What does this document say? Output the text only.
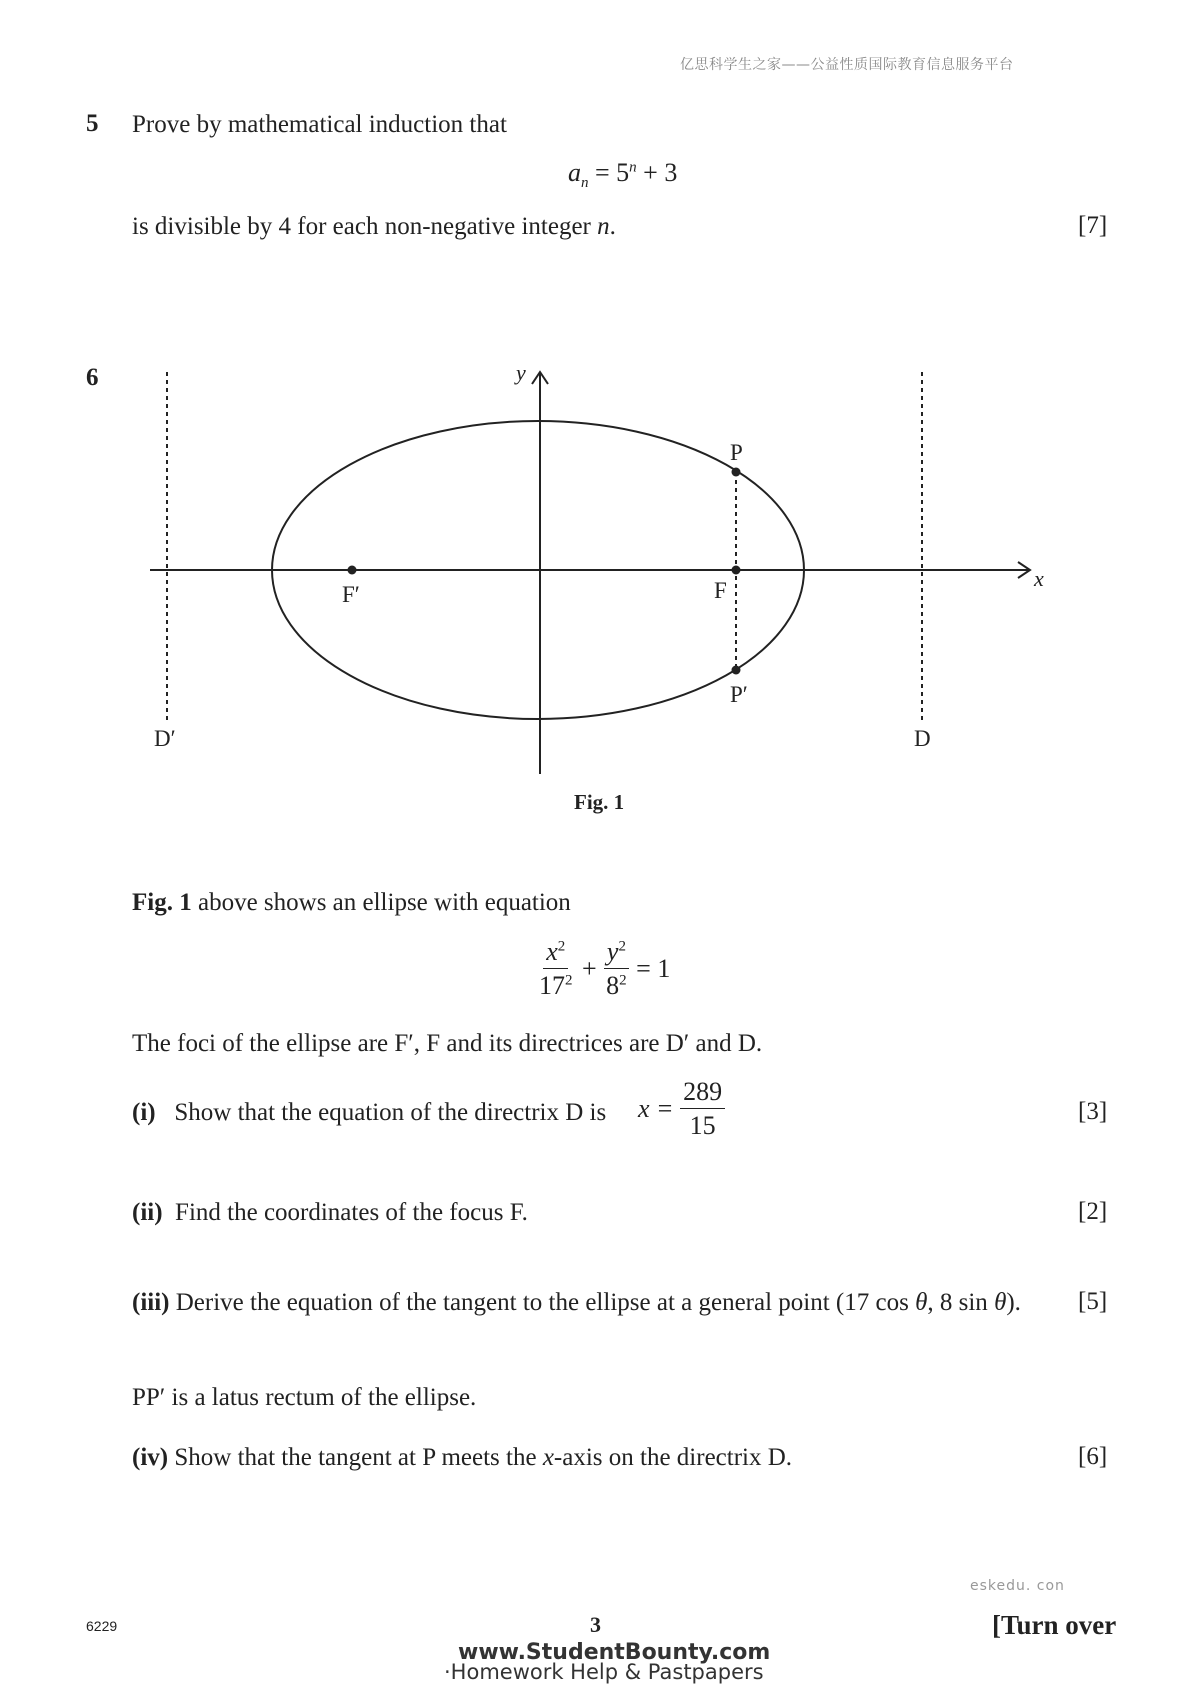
亿思科学生之家——公益性质国际教育信息服务平台
5 Prove by mathematical induction that
$a_n = 5^n + 3$
is divisible by 4 for each non-negative integer n.	[7]
6	y
x
P
P′
F
F′
D
D′
Fig. 1
Fig. 1 above shows an ellipse with equation
$\frac{x^2}{17^2} + \frac{y^2}{8^2} = 1$
The foci of the ellipse are F′, F and its directrices are D′ and D.
(i) Show that the equation of the directrix D is $x = \frac{289}{15}$	[3]
(ii) Find the coordinates of the focus F.	[2]
(iii) Derive the equation of the tangent to the ellipse at a general point (17 cos θ, 8 sin θ). [5]
PP′ is a latus rectum of the ellipse.
(iv) Show that the tangent at P meets the x-axis on the directrix D.	[6]
eskedu. con
6229	3	[Turn over
www.StudentBounty.com
·Homework Help & Pastpapers
